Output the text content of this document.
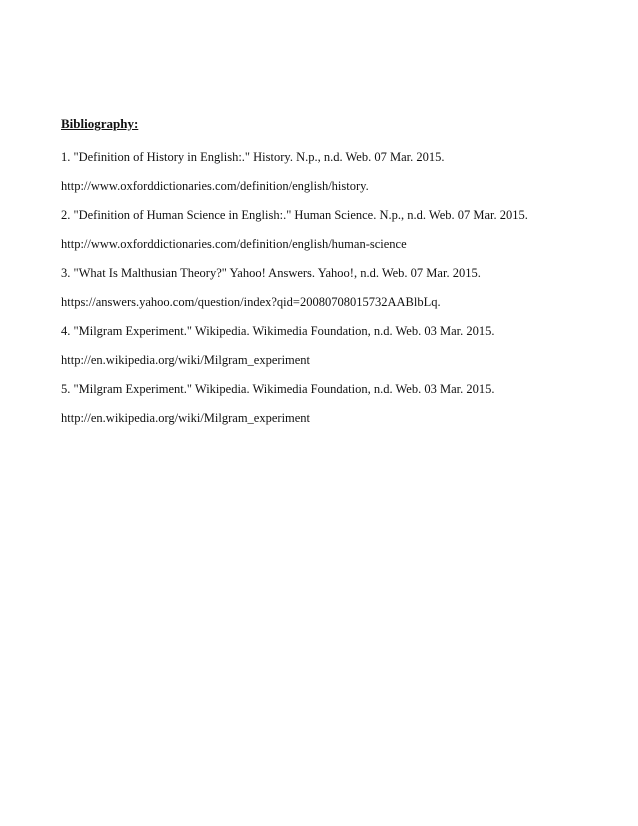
Bibliography:
1. "Definition of History in English:." History. N.p., n.d. Web. 07 Mar. 2015.
http://www.oxforddictionaries.com/definition/english/history.
2. "Definition of Human Science in English:." Human Science. N.p., n.d. Web. 07 Mar. 2015.
http://www.oxforddictionaries.com/definition/english/human-science
3. "What Is Malthusian Theory?" Yahoo! Answers. Yahoo!, n.d. Web. 07 Mar. 2015.
https://answers.yahoo.com/question/index?qid=20080708015732AABlbLq.
4. "Milgram Experiment." Wikipedia. Wikimedia Foundation, n.d. Web. 03 Mar. 2015.
http://en.wikipedia.org/wiki/Milgram_experiment
5. "Milgram Experiment." Wikipedia. Wikimedia Foundation, n.d. Web. 03 Mar. 2015.
http://en.wikipedia.org/wiki/Milgram_experiment
